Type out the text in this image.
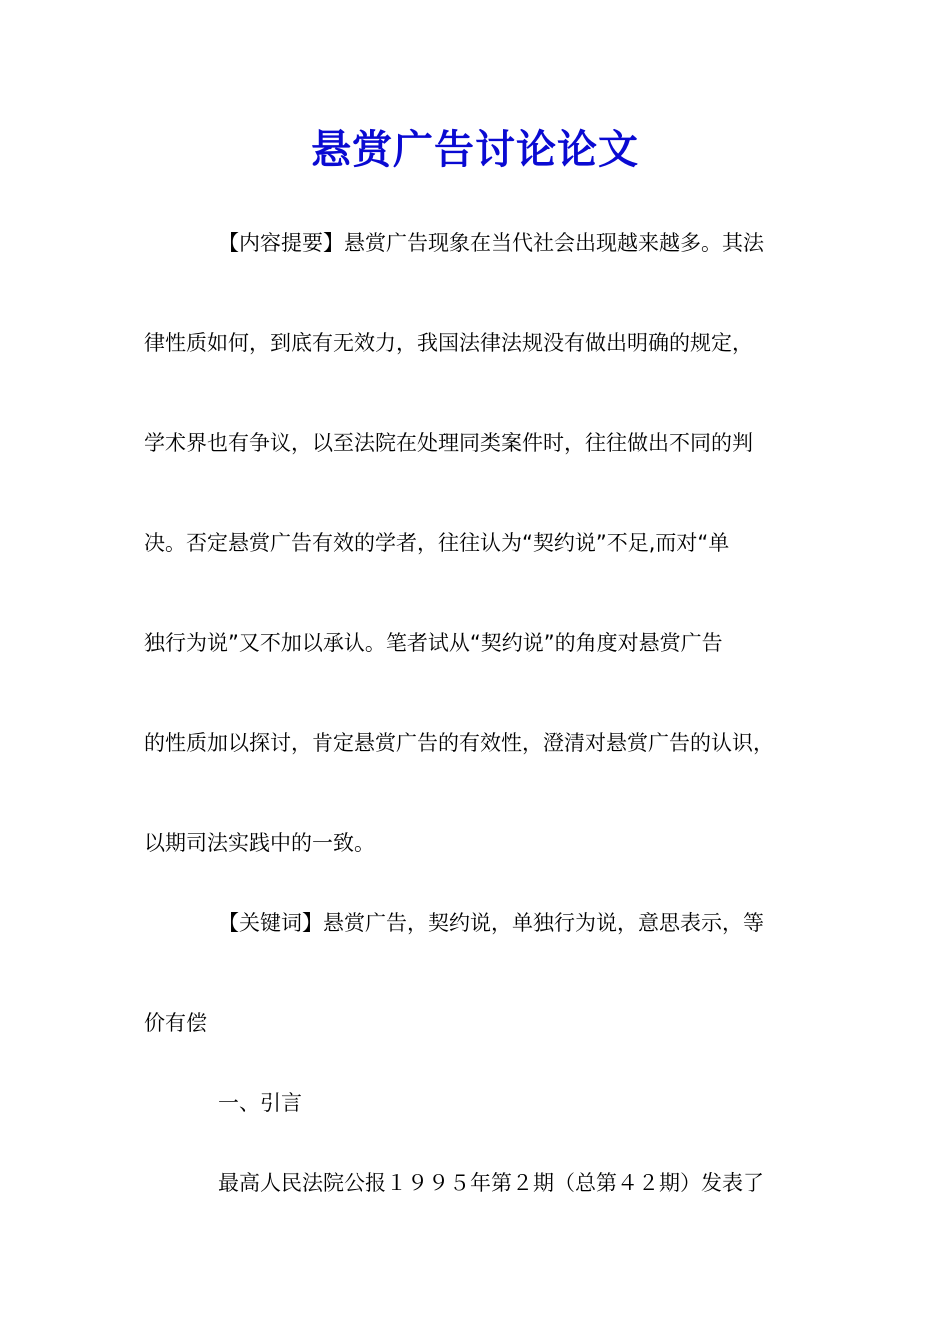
悬赏广告讨论论文
【内容提要】悬赏广告现象在当代社会出现越来越多。其法
律性质如何，到底有无效力，我国法律法规没有做出明确的规定，
学术界也有争议，以至法院在处理同类案件时，往往做出不同的判
决。否定悬赏广告有效的学者，往往认为“契约说”不足,而对“单
独行为说”又不加以承认。笔者试从“契约说”的角度对悬赏广告
的性质加以探讨，肯定悬赏广告的有效性，澄清对悬赏广告的认识，
以期司法实践中的一致。
【关键词】悬赏广告，契约说，单独行为说，意思表示，等
价有偿
一、引言
最高人民法院公报１９９５年第２期（总第４２期）发表了
